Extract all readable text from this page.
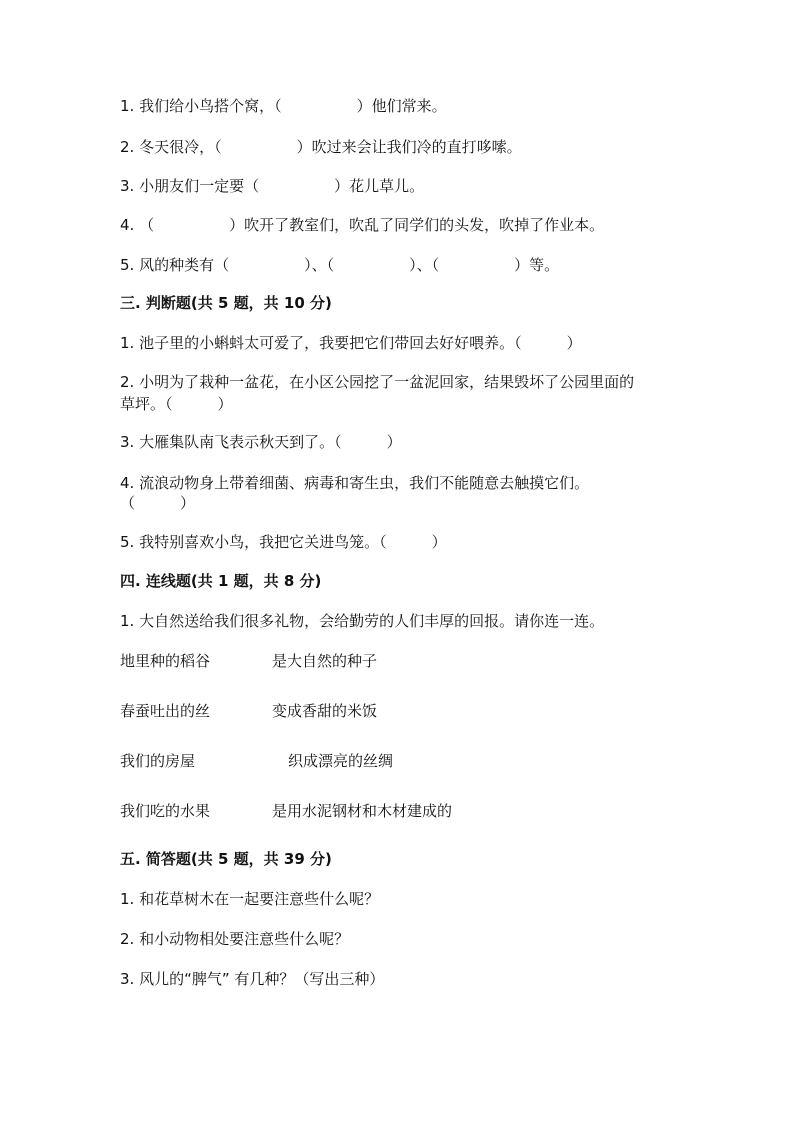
1. 我们给小鸟搭个窝，（　　　　　）他们常来。
2. 冬天很冷，（　　　　　）吹过来会让我们冷的直打哆嗦。
3. 小朋友们一定要（　　　　　）花儿草儿。
4. （　　　　　）吹开了教室们，吹乱了同学们的头发，吹掉了作业本。
5. 风的种类有（　　　　　）、（　　　　　）、（　　　　　）等。
三. 判断题(共 5 题，共 10 分)
1. 池子里的小蝌蚪太可爱了，我要把它们带回去好好喂养。（　　　）
2. 小明为了栽种一盆花，在小区公园挖了一盆泥回家，结果毁坏了公园里面的
草坪。（　　　）
3. 大雁集队南飞表示秋天到了。（　　　）
4. 流浪动物身上带着细菌、病毒和寄生虫，我们不能随意去触摸它们。
（　　　）
5. 我特别喜欢小鸟，我把它关进鸟笼。（　　　）
四. 连线题(共 1 题，共 8 分)
1. 大自然送给我们很多礼物，会给勤劳的人们丰厚的回报。请你连一连。
地里种的稻谷	是大自然的种子
春蚕吐出的丝	变成香甜的米饭
我们的房屋	织成漂亮的丝绸
我们吃的水果	是用水泥钢材和木材建成的
五. 简答题(共 5 题，共 39 分)
1. 和花草树木在一起要注意些什么呢？
2. 和小动物相处要注意些什么呢？
3. 风儿的“脾气” 有几种？（写出三种）
